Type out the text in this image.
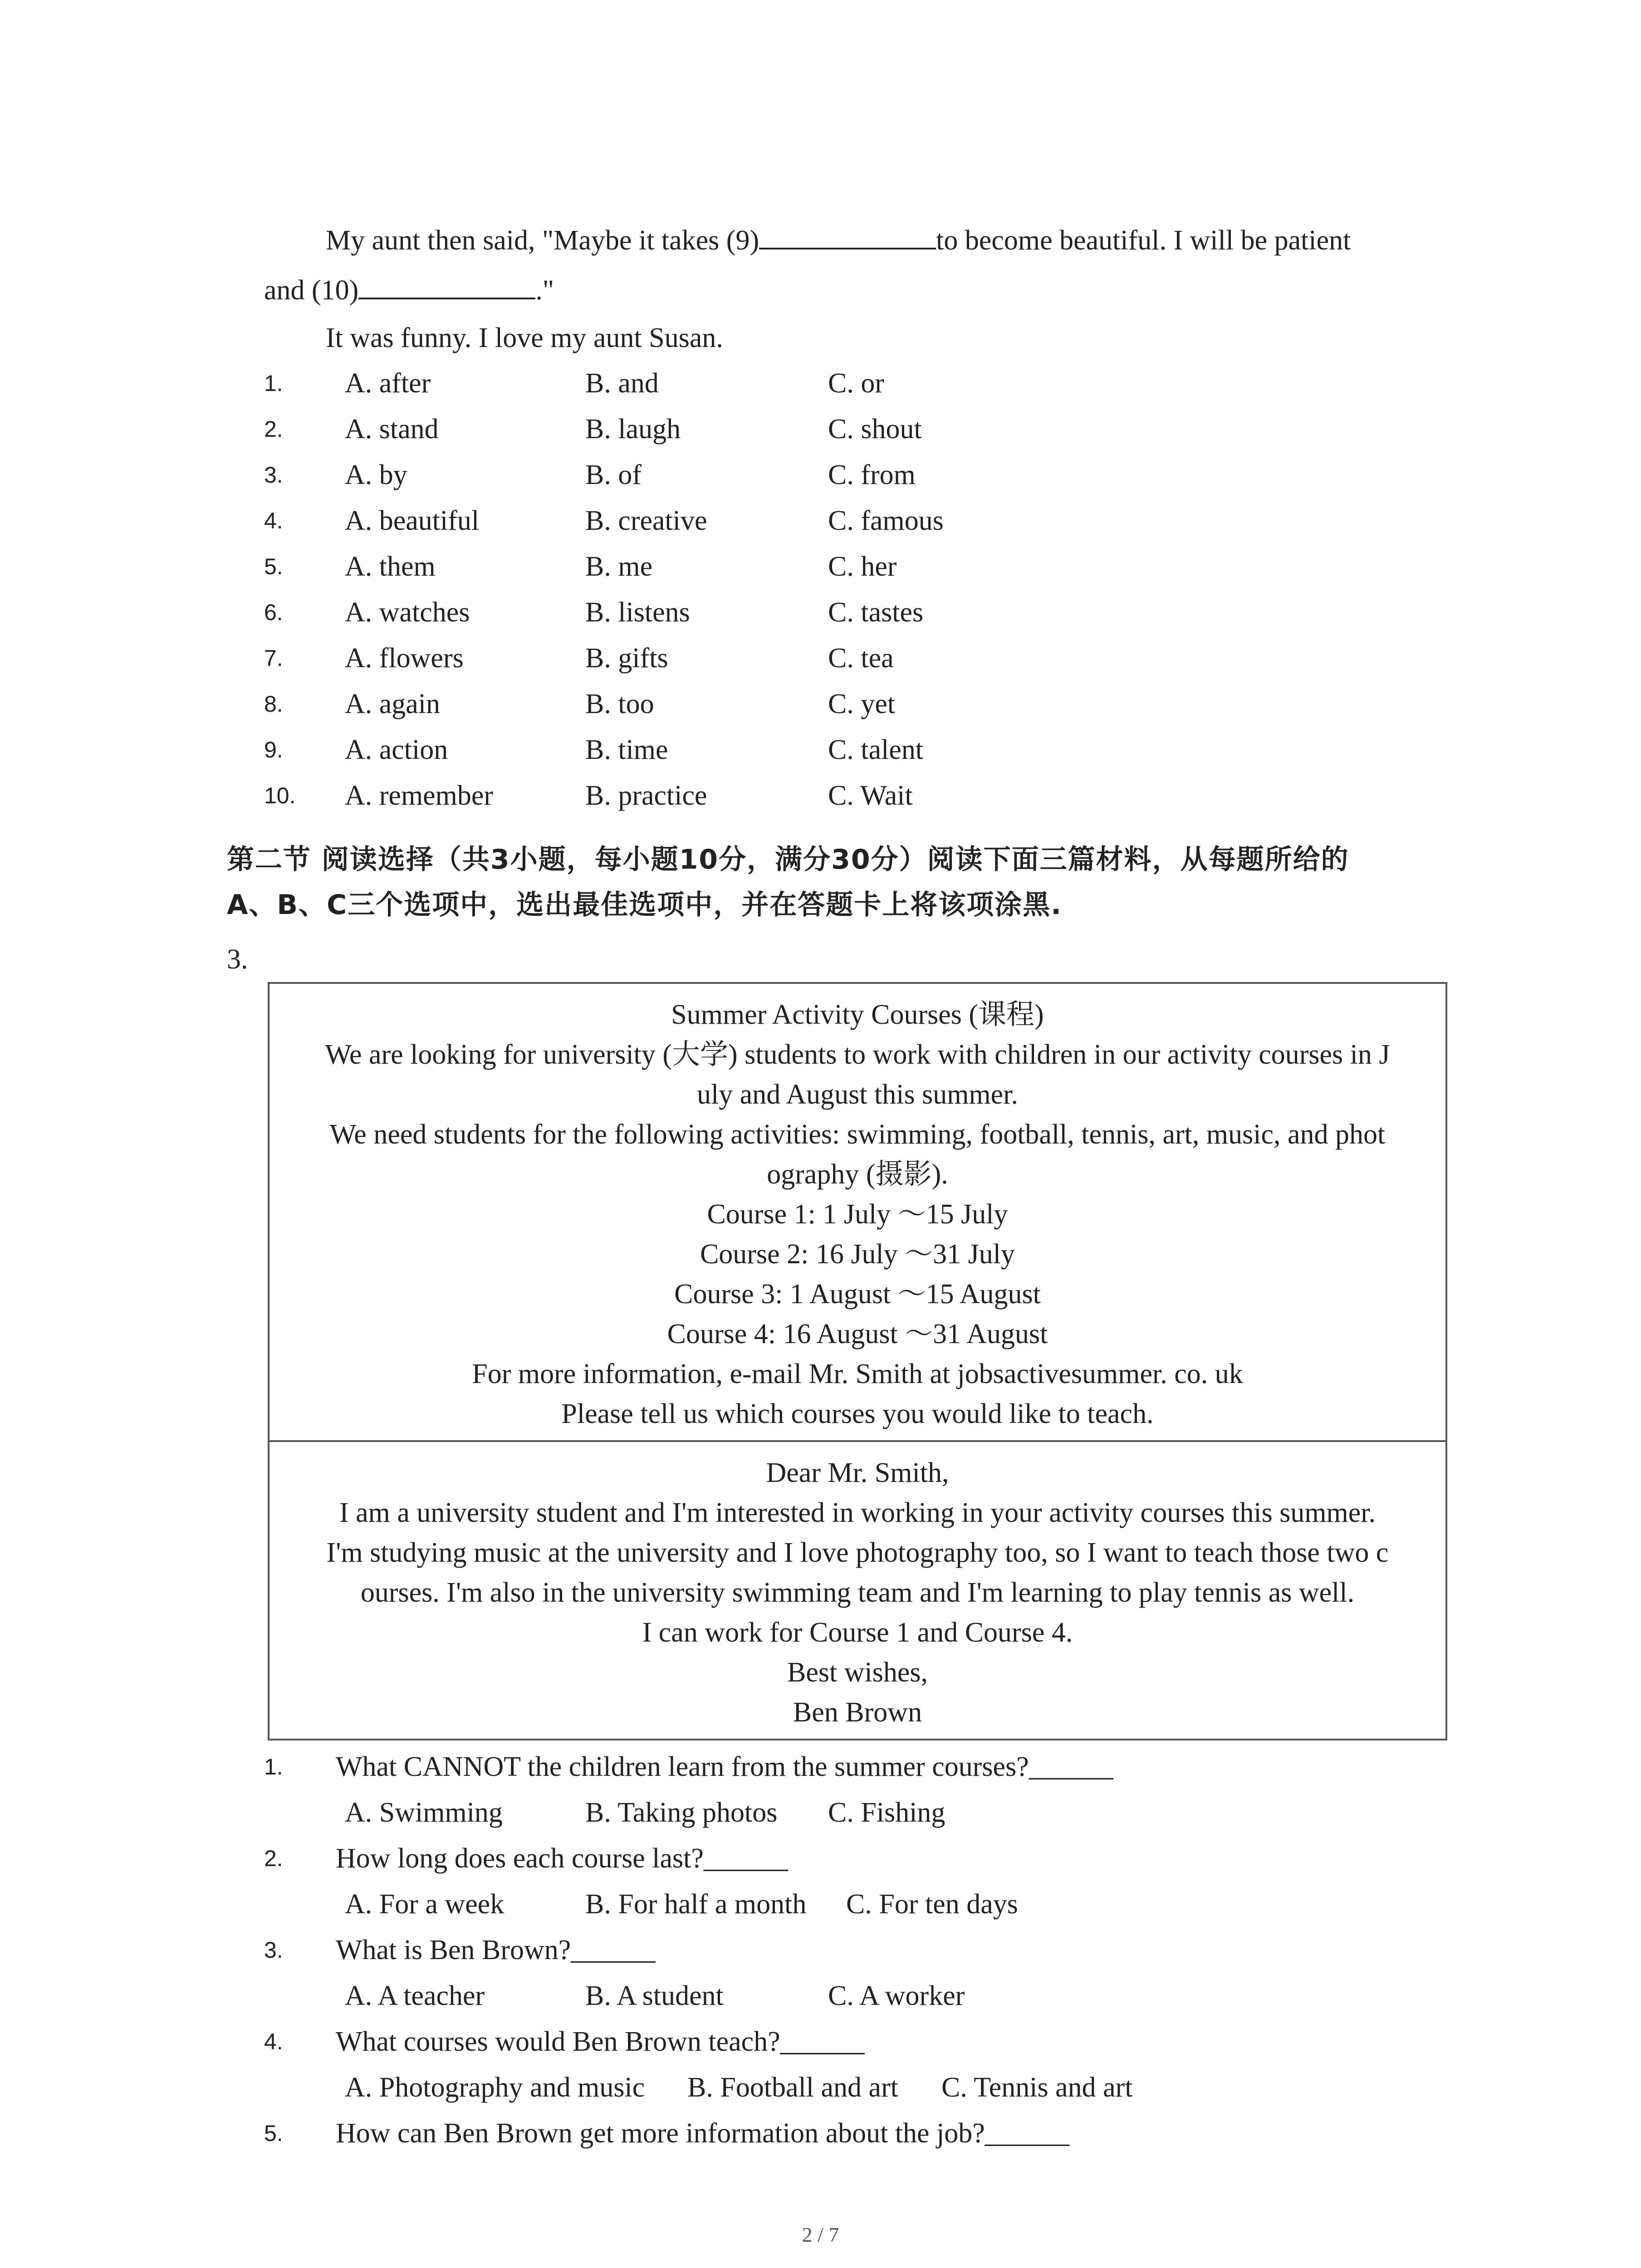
My aunt then said, "Maybe it takes (9)	to become beautiful. I will be patient
and (10)	."
It was funny. I love my aunt Susan.
1. A. after	B. and	C. or
2. A. stand	B. laugh	C. shout
3. A. by	B. of	C. from
4. A. beautiful	B. creative	C. famous
5. A. them	B. me	C. her
6. A. watches	B. listens	C. tastes
7. A. flowers	B. gifts	C. tea
8. A. again	B. too	C. yet
9. A. action	B. time	C. talent
10. A. remember	B. practice	C. Wait
第二节 阅读选择（共3小题，每小题10分，满分30分）阅读下面三篇材料，从每题所给的
A、B、C三个选项中，选出最佳选项中，并在答题卡上将该项涂黑.
3.
Summer Activity Courses (课程)
We are looking for university (大学) students to work with children in our activity courses in J
uly and August this summer.
We need students for the following activities: swimming, football, tennis, art, music, and phot
ography (摄影).
Course 1: 1 July ～15 July
Course 2: 16 July ～31 July
Course 3: 1 August ～15 August
Course 4: 16 August ～31 August
For more information, e-mail Mr. Smith at jobsactivesummer. co. uk
Please tell us which courses you would like to teach.
Dear Mr. Smith,
I am a university student and I'm interested in working in your activity courses this summer.
I'm studying music at the university and I love photography too, so I want to teach those two c
ourses. I'm also in the university swimming team and I'm learning to play tennis as well.
I can work for Course 1 and Course 4.
Best wishes,
Ben Brown
1. What CANNOT the children learn from the summer courses?______
A. Swimming	B. Taking photos C. Fishing
2. How long does each course last?______
A. For a week	B. For half a month C. For ten days
3. What is Ben Brown?______
A. A teacher	B. A student	C. A worker
4. What courses would Ben Brown teach?______
A. Photography and music B. Football and art C. Tennis and art
5. How can Ben Brown get more information about the job?______
2 / 7
